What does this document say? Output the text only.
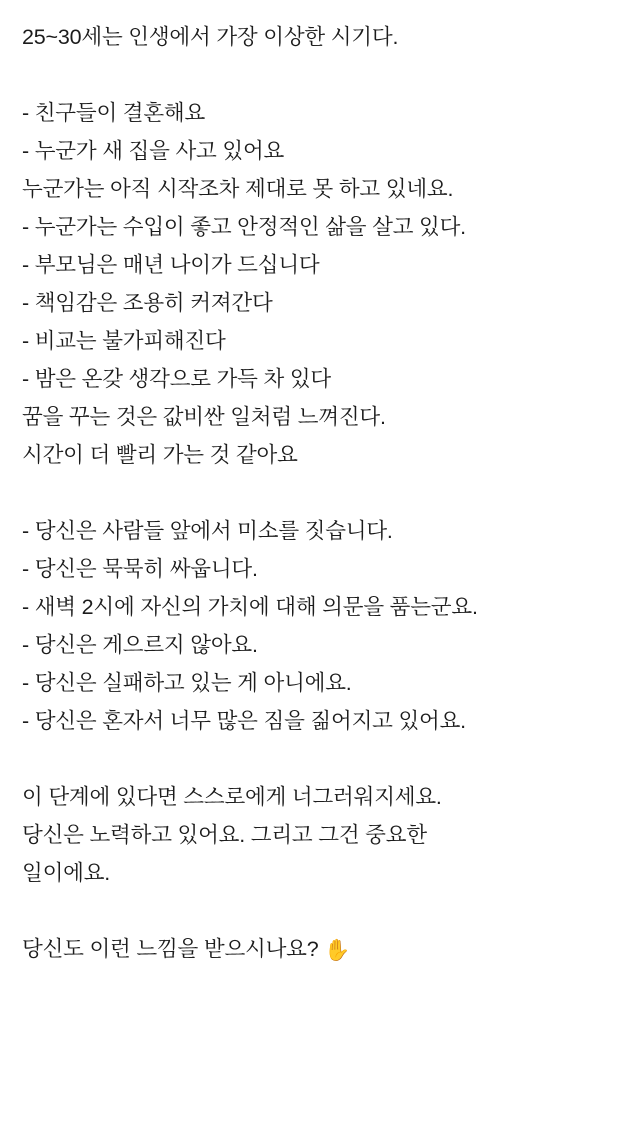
25~30세는 인생에서 가장 이상한 시기다.
- 친구들이 결혼해요
- 누군가 새 집을 사고 있어요
누군가는 아직 시작조차 제대로 못 하고 있네요.
- 누군가는 수입이 좋고 안정적인 삶을 살고 있다.
- 부모님은 매년 나이가 드십니다
- 책임감은 조용히 커져간다
- 비교는 불가피해진다
- 밤은 온갖 생각으로 가득 차 있다
꿈을 꾸는 것은 값비싼 일처럼 느껴진다.
시간이 더 빨리 가는 것 같아요
- 당신은 사람들 앞에서 미소를 짓습니다.
- 당신은 묵묵히 싸웁니다.
- 새벽 2시에 자신의 가치에 대해 의문을 품는군요.
- 당신은 게으르지 않아요.
- 당신은 실패하고 있는 게 아니에요.
- 당신은 혼자서 너무 많은 짐을 짊어지고 있어요.
이 단계에 있다면 스스로에게 너그러워지세요.
당신은 노력하고 있어요. 그리고 그건 중요한
일이에요.
당신도 이런 느낌을 받으시나요? ✋
